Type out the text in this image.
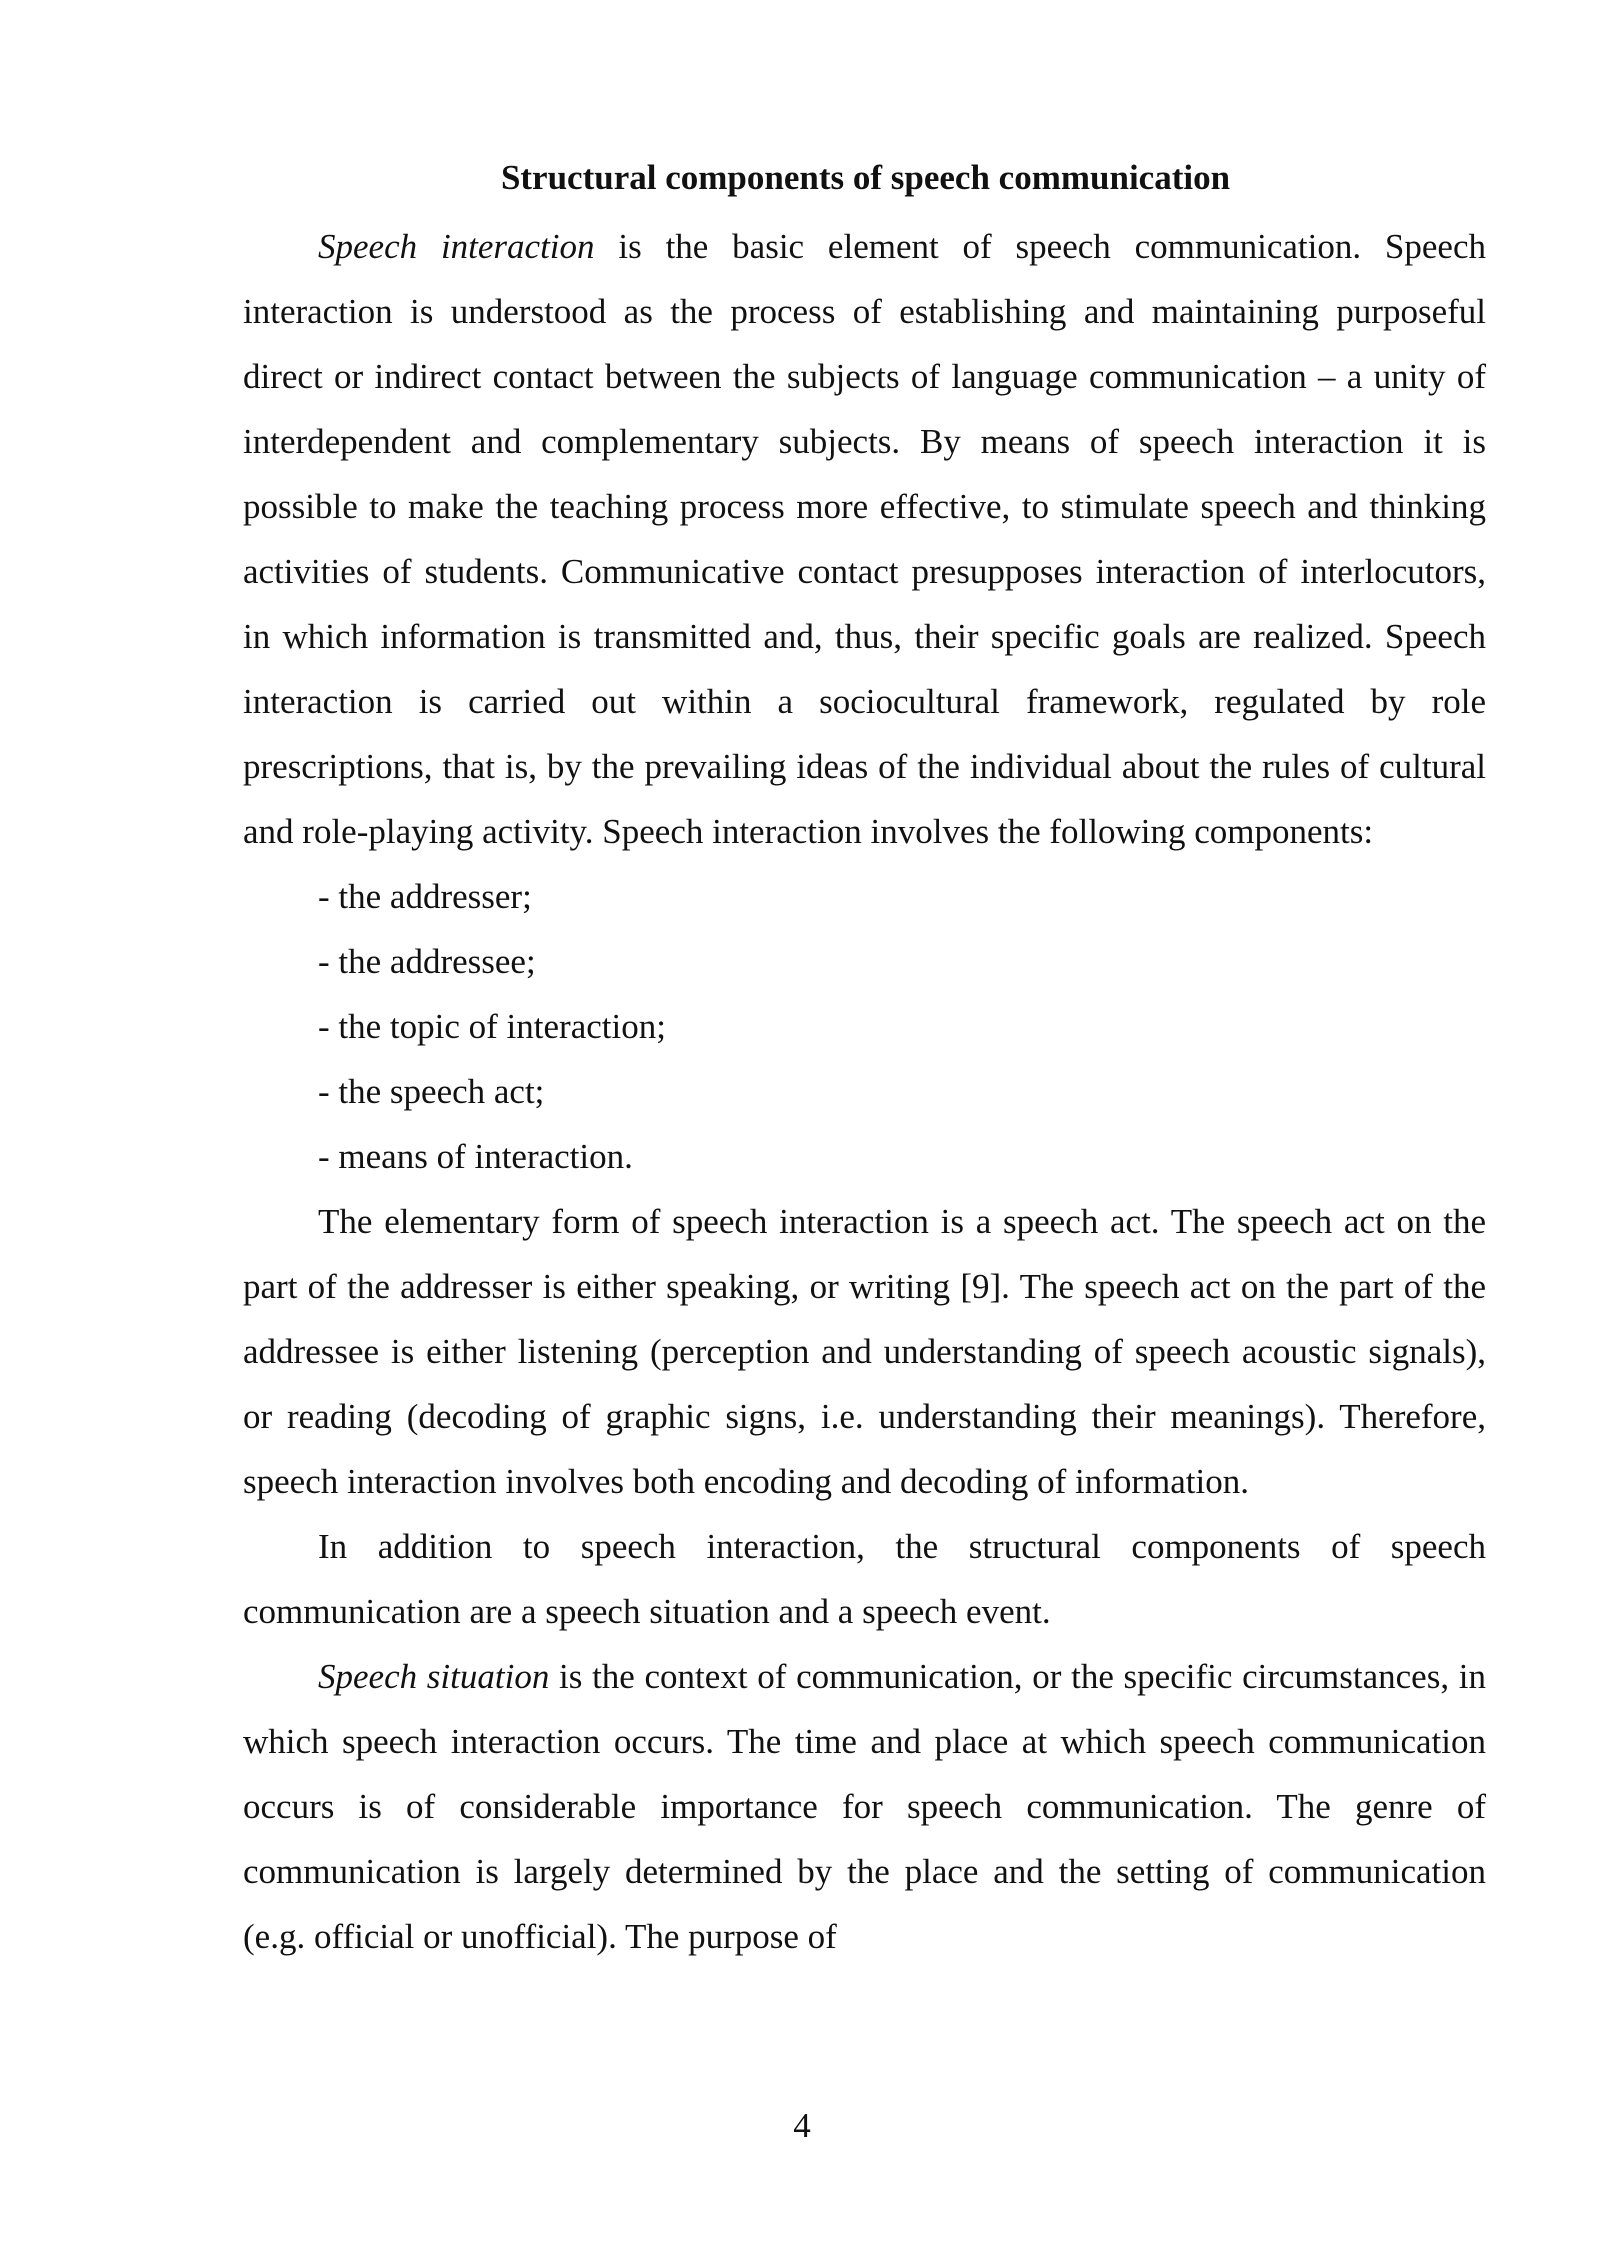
Structural components of speech communication

Speech interaction is the basic element of speech communication. Speech interaction is understood as the process of establishing and maintaining purposeful direct or indirect contact between the subjects of language communication – a unity of interdependent and complementary subjects. By means of speech interaction it is possible to make the teaching process more effective, to stimulate speech and thinking activities of students. Communicative contact presupposes interaction of interlocutors, in which information is transmitted and, thus, their specific goals are realized. Speech interaction is carried out within a sociocultural framework, regulated by role prescriptions, that is, by the prevailing ideas of the individual about the rules of cultural and role-playing activity. Speech interaction involves the following components:

- the addresser;
- the addressee;
- the topic of interaction;
- the speech act;
- means of interaction.

The elementary form of speech interaction is a speech act. The speech act on the part of the addresser is either speaking, or writing [9]. The speech act on the part of the addressee is either listening (perception and understanding of speech acoustic signals), or reading (decoding of graphic signs, i.e. understanding their meanings). Therefore, speech interaction involves both encoding and decoding of information.

In addition to speech interaction, the structural components of speech communication are a speech situation and a speech event.

Speech situation is the context of communication, or the specific circumstances, in which speech interaction occurs. The time and place at which speech communication occurs is of considerable importance for speech communication. The genre of communication is largely determined by the place and the setting of communication (e.g. official or unofficial). The purpose of

4
